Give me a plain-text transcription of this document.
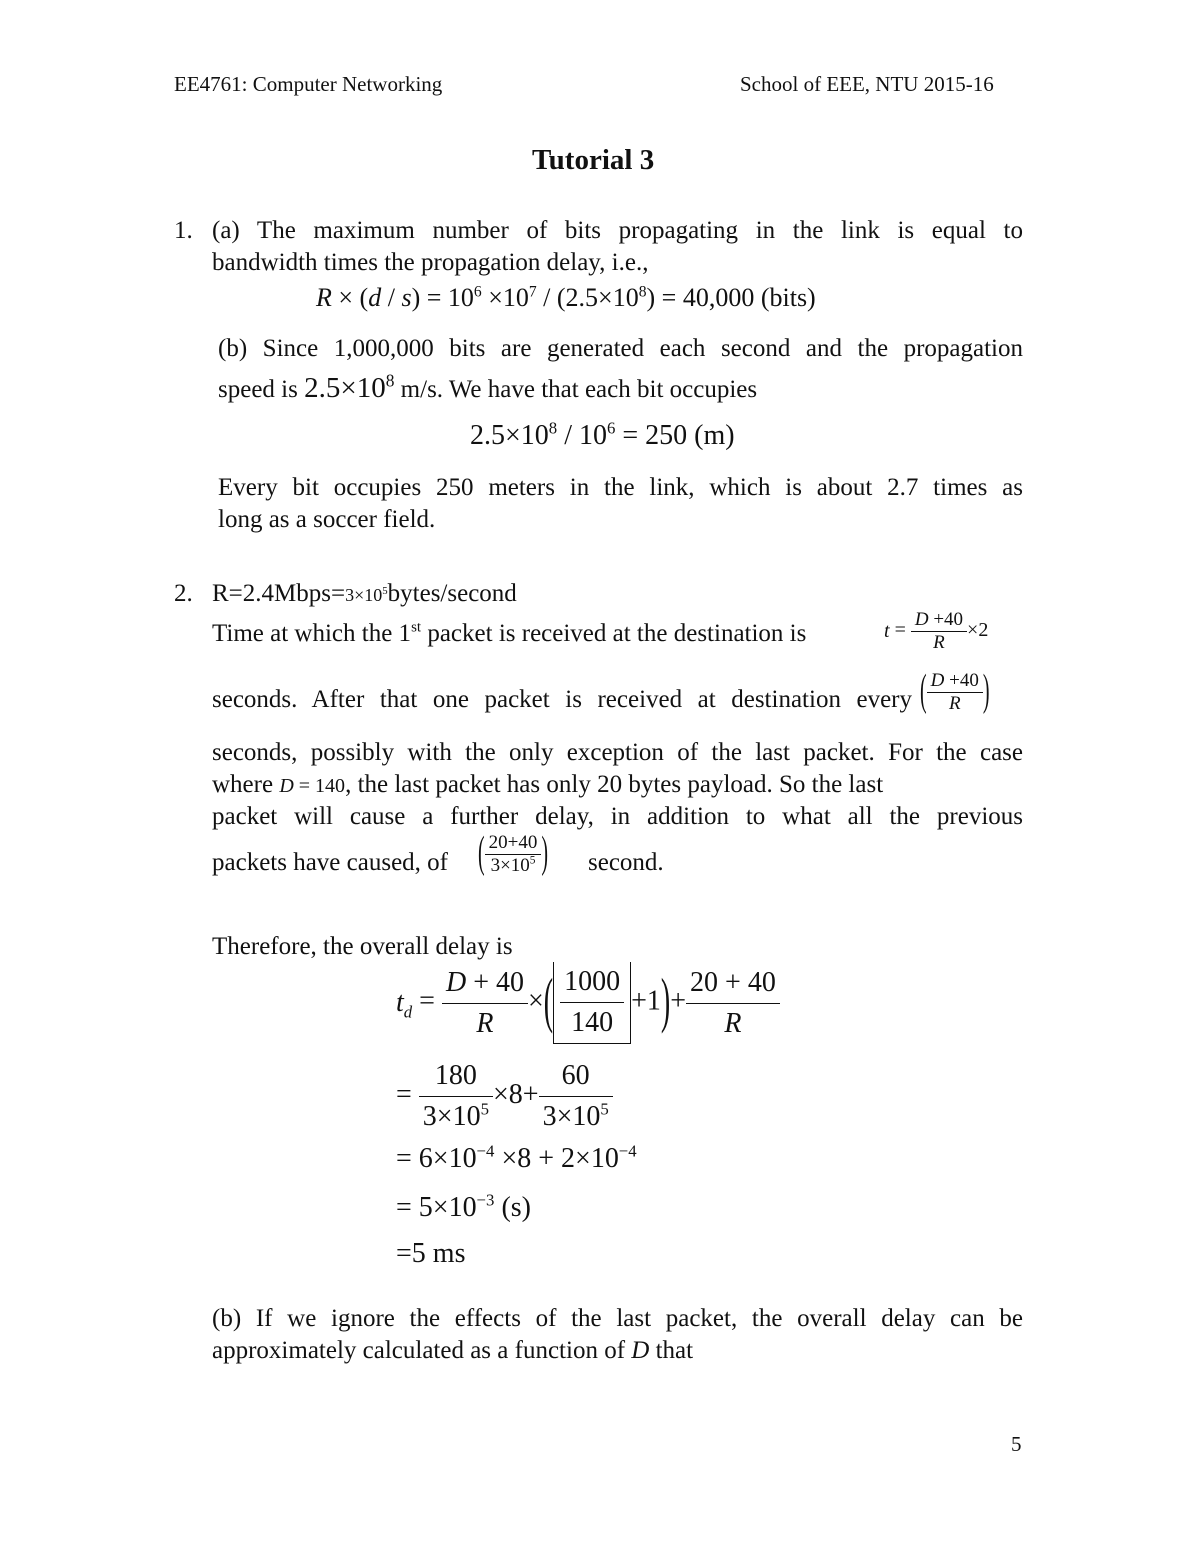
EE4761: Computer Networking	School of EEE, NTU 2015-16
Tutorial 3
1. (a) The maximum number of bits propagating in the link is equal to
bandwidth times the propagation delay, i.e.,
$R \times (d / s) = 10^6 \times 10^7 / (2.5\times 10^8) = 40,000$ (bits)
(b) Since 1,000,000 bits are generated each second and the propagation
speed is $2.5\times 10^8$ m/s. We have that each bit occupies
$2.5\times 10^8 / 10^6 = 250$ (m)
Every bit occupies 250 meters in the link, which is about 2.7 times as
long as a soccer field.
2. $R=2.4Mbps=3\times 10^5bytes$/second
Time at which the 1st packet is received at the destination is	$t = \frac{D +40}{R} \times 2$
seconds. After that one packet is received at destination every ( $\frac{D +40}{R}$ )
seconds, possibly with the only exception of the last packet. For the case
where D = 140, the last packet has only 20 bytes payload. So the last
packet will cause a further delay, in addition to what all the previous
packets have caused, of ( $\frac{20+40}{3\times 10^5}$ ) second.
Therefore, the overall delay is
$t_d = \frac{D + 40}{R}$ ×( $\frac{1000}{140} +1)+ \frac{20 + 40}{R}$
= $\frac{180}{3\times 10^5} \times 8+ \frac{60}{3\times 10^5}$
= $6\times 10^{-4} \times 8 + 2\times 10^{-4}$
= $5\times 10^{-3}$ (s)
=5 ms
(b) If we ignore the effects of the last packet, the overall delay can be
approximately calculated as a function of D that
5
